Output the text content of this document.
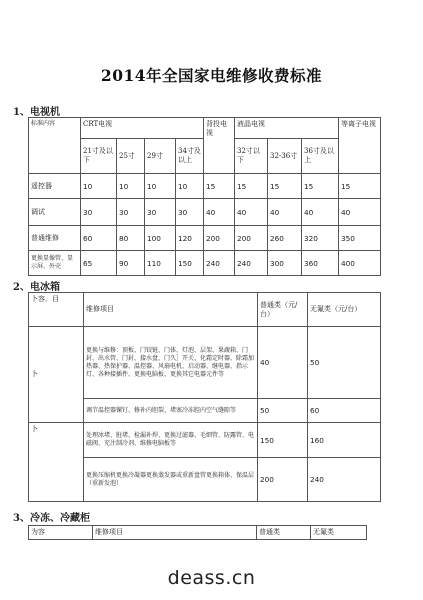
2014年全国家电维修收费标准
1、电视机
标准内容	CRT电视				背投电视	液晶电视			等离子电视
	21寸及以下	25寸	29寸	34寸及以上		32寸以下	32-36寸	36寸及以上	
遥控器	10	10	10	10	15	15	15	15	15
调试	30	30	30	30	40	40	40	40	40
普通维修	60	80	100	120	200	200	260	320	350
更换显像管、显示屏、外壳	65	90	110	150	240	240	300	360	400
2、电冰箱
卜容．目	维修项目	普通类（元/台）	无氟类（元/台）
卜	更换与维修：顶板、门铰链、门体、灯泡、层架、果蔬箱、门封、出水管、门封、接水盘、门久］开关、化霜定时器、除霜加热器、热保护器、温控器、风扇电机、启动器、继电器、指示灯、各种接插件、更换电脑板、更换其它电器元件等	40	50
	调节温控器镙钉、修补内胆裂、堵塞冷冻腔内空气缝隙等	50	60
卜	处理冰堵、脏堵、检漏补焊、更换过滤器、毛细管、防露管、电磁阀、充注制冷剂、维修电脑板等	150	160
	更换压缩机更换冷凝器更换蒸发器或重新盘管更换箱体、保温层（重新发泡）	200	240
3、冷冻、冷藏柜
为容	维修项目	普通类	无氟类
deass.cn
